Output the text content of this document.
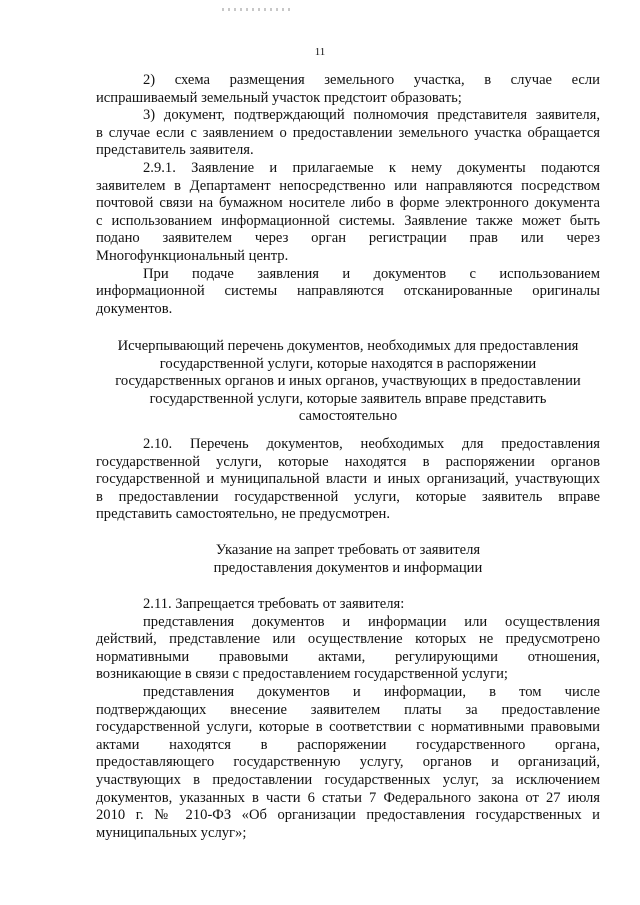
11

2) схема размещения земельного участка, в случае если

испрашиваемый земельный участок предстоит образовать;

3) документ, подтверждающий полномочия представителя заявителя,

в случае если с заявлением о предоставлении земельного участка обращается

представитель заявителя.

2.9.1. Заявление и прилагаемые к нему документы подаются

заявителем в Департамент непосредственно или направляются посредством

почтовой связи на бумажном носителе либо в форме электронного документа

с использованием информационной системы. Заявление также может быть

подано заявителем через орган регистрации прав или через

Многофункциональный центр.

При подаче заявления и документов с использованием

информационной системы направляются отсканированные оригиналы

документов.

Исчерпывающий перечень документов, необходимых для предоставления

государственной услуги, которые находятся в распоряжении

государственных органов и иных органов, участвующих в предоставлении

государственной услуги, которые заявитель вправе представить

самостоятельно

2.10. Перечень документов, необходимых для предоставления

государственной услуги, которые находятся в распоряжении органов

государственной и муниципальной власти и иных организаций, участвующих

в предоставлении государственной услуги, которые заявитель вправе

представить самостоятельно, не предусмотрен.

Указание на запрет требовать от заявителя

предоставления документов и информации

2.11. Запрещается требовать от заявителя:

представления документов и информации или осуществления

действий, представление или осуществление которых не предусмотрено

нормативными правовыми актами, регулирующими отношения,

возникающие в связи с предоставлением государственной услуги;

представления документов и информации, в том числе

подтверждающих внесение заявителем платы за предоставление

государственной услуги, которые в соответствии с нормативными правовыми

актами находятся в распоряжении государственного органа,

предоставляющего государственную услугу, органов и организаций,

участвующих в предоставлении государственных услуг, за исключением

документов, указанных в части 6 статьи 7 Федерального закона от 27 июля

2010 г. № 210-ФЗ «Об организации предоставления государственных и

муниципальных услуг»;
